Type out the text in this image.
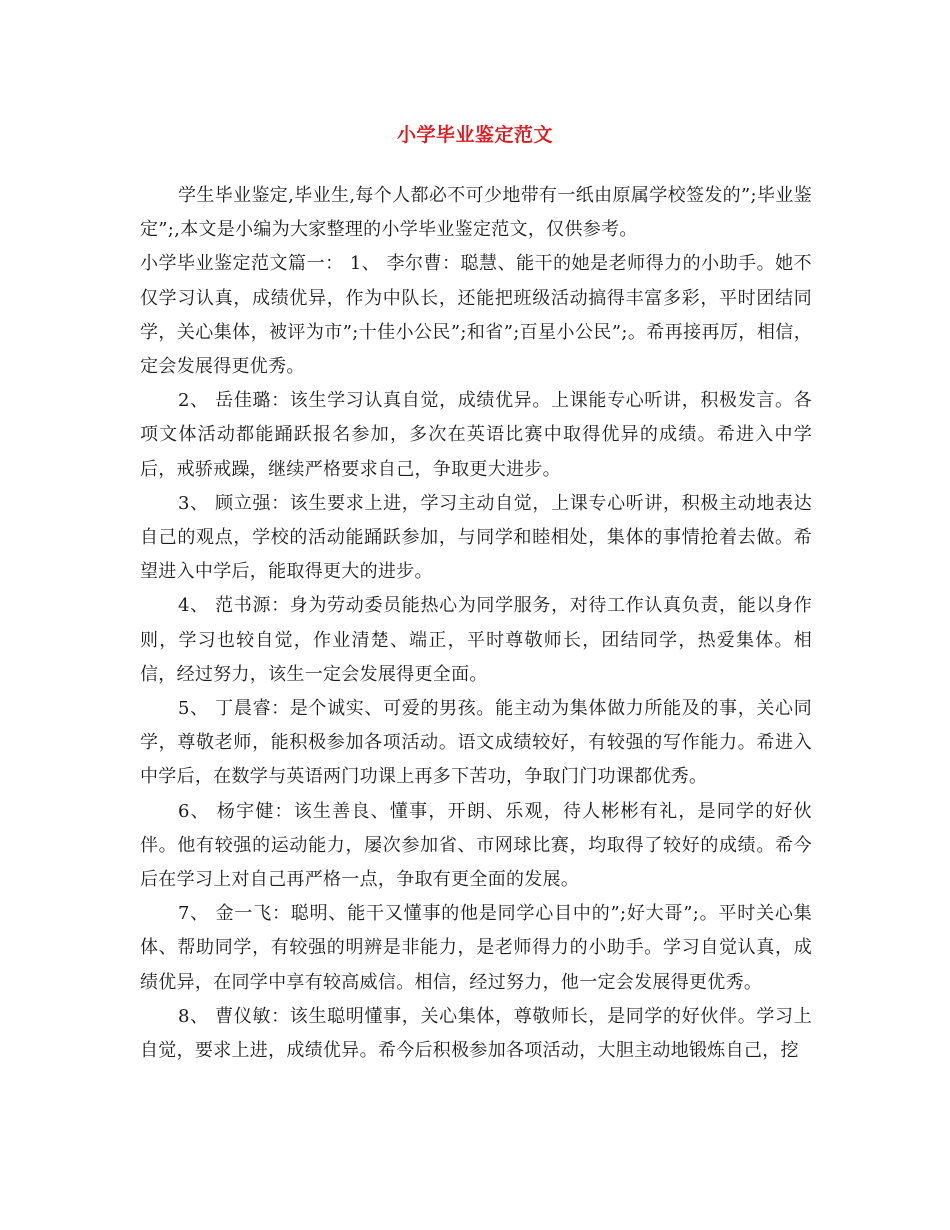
小学毕业鉴定范文

学生毕业鉴定,毕业生,每个人都必不可少地带有一纸由原属学校签发的”;毕业鉴定”;,本文是小编为大家整理的小学毕业鉴定范文，仅供参考。

小学毕业鉴定范文篇一： 1、 李尔曹：聪慧、能干的她是老师得力的小助手。她不仅学习认真，成绩优异，作为中队长，还能把班级活动搞得丰富多彩，平时团结同学，关心集体，被评为市”;十佳小公民”;和省”;百星小公民”;。希再接再厉，相信，定会发展得更优秀。

2、 岳佳璐：该生学习认真自觉，成绩优异。上课能专心听讲，积极发言。各项文体活动都能踊跃报名参加，多次在英语比赛中取得优异的成绩。希进入中学后，戒骄戒躁，继续严格要求自己，争取更大进步。

3、 顾立强：该生要求上进，学习主动自觉，上课专心听讲，积极主动地表达自己的观点，学校的活动能踊跃参加，与同学和睦相处，集体的事情抢着去做。希望进入中学后，能取得更大的进步。

4、 范书源：身为劳动委员能热心为同学服务，对待工作认真负责，能以身作则，学习也较自觉，作业清楚、端正，平时尊敬师长，团结同学，热爱集体。相信，经过努力，该生一定会发展得更全面。

5、 丁晨睿：是个诚实、可爱的男孩。能主动为集体做力所能及的事，关心同学，尊敬老师，能积极参加各项活动。语文成绩较好，有较强的写作能力。希进入中学后，在数学与英语两门功课上再多下苦功，争取门门功课都优秀。

6、 杨宇健：该生善良、懂事，开朗、乐观，待人彬彬有礼，是同学的好伙伴。他有较强的运动能力，屡次参加省、市网球比赛，均取得了较好的成绩。希今后在学习上对自己再严格一点，争取有更全面的发展。

7、 金一飞：聪明、能干又懂事的他是同学心目中的”;好大哥”;。平时关心集体、帮助同学，有较强的明辨是非能力，是老师得力的小助手。学习自觉认真，成绩优异，在同学中享有较高威信。相信，经过努力，他一定会发展得更优秀。

8、 曹仪敏：该生聪明懂事，关心集体，尊敬师长，是同学的好伙伴。学习上自觉，要求上进，成绩优异。希今后积极参加各项活动，大胆主动地锻炼自己，挖
